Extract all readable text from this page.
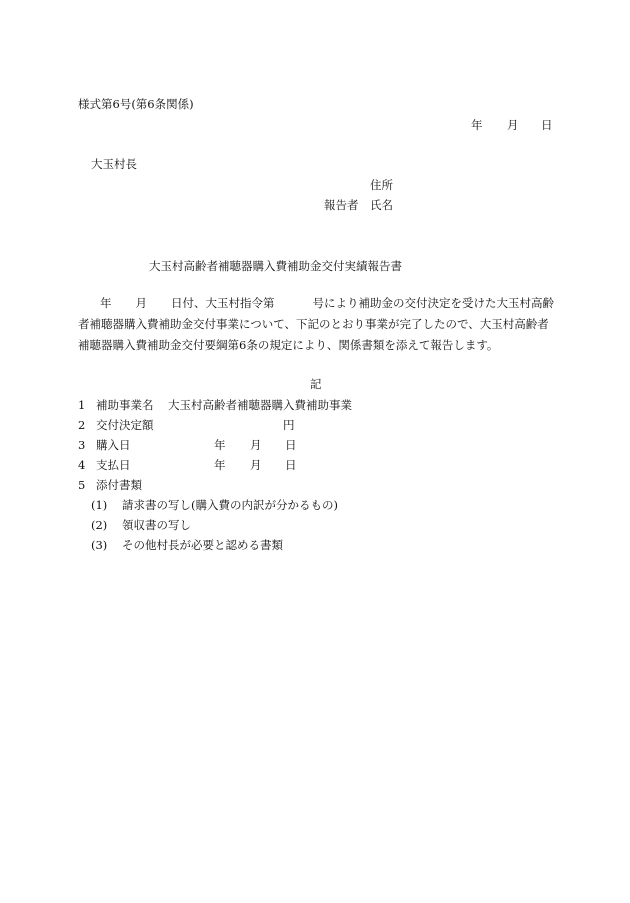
様式第6号(第6条関係)

年 月 日

大玉村長

住所
報告者 氏名
大玉村高齢者補聴器購入費補助金交付実績報告書

年 月 日付、大玉村指令第	号により補助金の交付決定を受けた大玉村高齢者補聴器購入費補助金交付事業について、下記のとおり事業が完了したので、大玉村高齢者補聴器購入費補助金交付要綱第6条の規定により、関係書類を添えて報告します。

記

1 補助事業名 大玉村高齢者補聴器購入費補助事業
2 交付決定額	円
3 購入日	年 月 日
4 支払日	年 月 日
5 添付書類
(1) 請求書の写し(購入費の内訳が分かるもの)
(2) 領収書の写し
(3) その他村長が必要と認める書類
